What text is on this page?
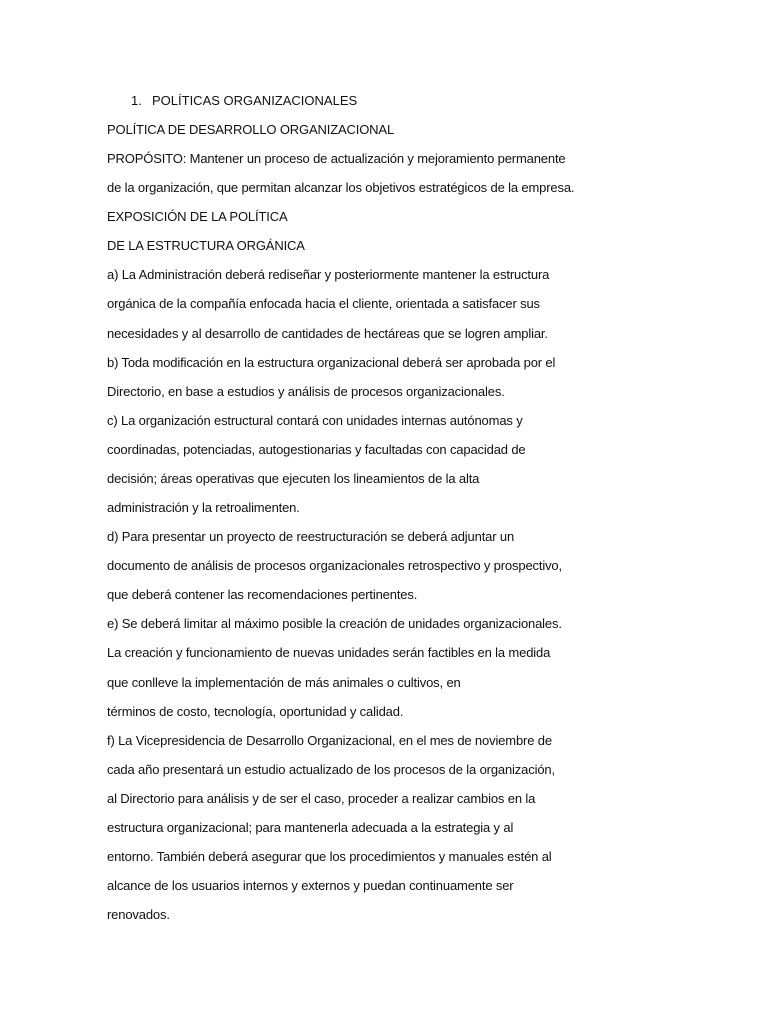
1. POLÍTICAS ORGANIZACIONALES
POLÍTICA DE DESARROLLO ORGANIZACIONAL
PROPÓSITO: Mantener un proceso de actualización y mejoramiento permanente
de la organización, que permitan alcanzar los objetivos estratégicos de la empresa.
EXPOSICIÓN DE LA POLÍTICA
DE LA ESTRUCTURA ORGÁNICA
a) La Administración deberá rediseñar y posteriormente mantener la estructura
orgánica de la compañía enfocada hacia el cliente, orientada a satisfacer sus
necesidades y al desarrollo de cantidades de hectáreas que se logren ampliar.
b) Toda modificación en la estructura organizacional deberá ser aprobada por el
Directorio, en base a estudios y análisis de procesos organizacionales.
c) La organización estructural contará con unidades internas autónomas y
coordinadas, potenciadas, autogestionarias y facultadas con capacidad de
decisión; áreas operativas que ejecuten los lineamientos de la alta
administración y la retroalimenten.
d) Para presentar un proyecto de reestructuración se deberá adjuntar un
documento de análisis de procesos organizacionales retrospectivo y prospectivo,
que deberá contener las recomendaciones pertinentes.
e) Se deberá limitar al máximo posible la creación de unidades organizacionales.
La creación y funcionamiento de nuevas unidades serán factibles en la medida
que conlleve la implementación de más animales o cultivos, en
términos de costo, tecnología, oportunidad y calidad.
f) La Vicepresidencia de Desarrollo Organizacional, en el mes de noviembre de
cada año presentará un estudio actualizado de los procesos de la organización,
al Directorio para análisis y de ser el caso, proceder a realizar cambios en la
estructura organizacional; para mantenerla adecuada a la estrategia y al
entorno. También deberá asegurar que los procedimientos y manuales estén al
alcance de los usuarios internos y externos y puedan continuamente ser
renovados.
